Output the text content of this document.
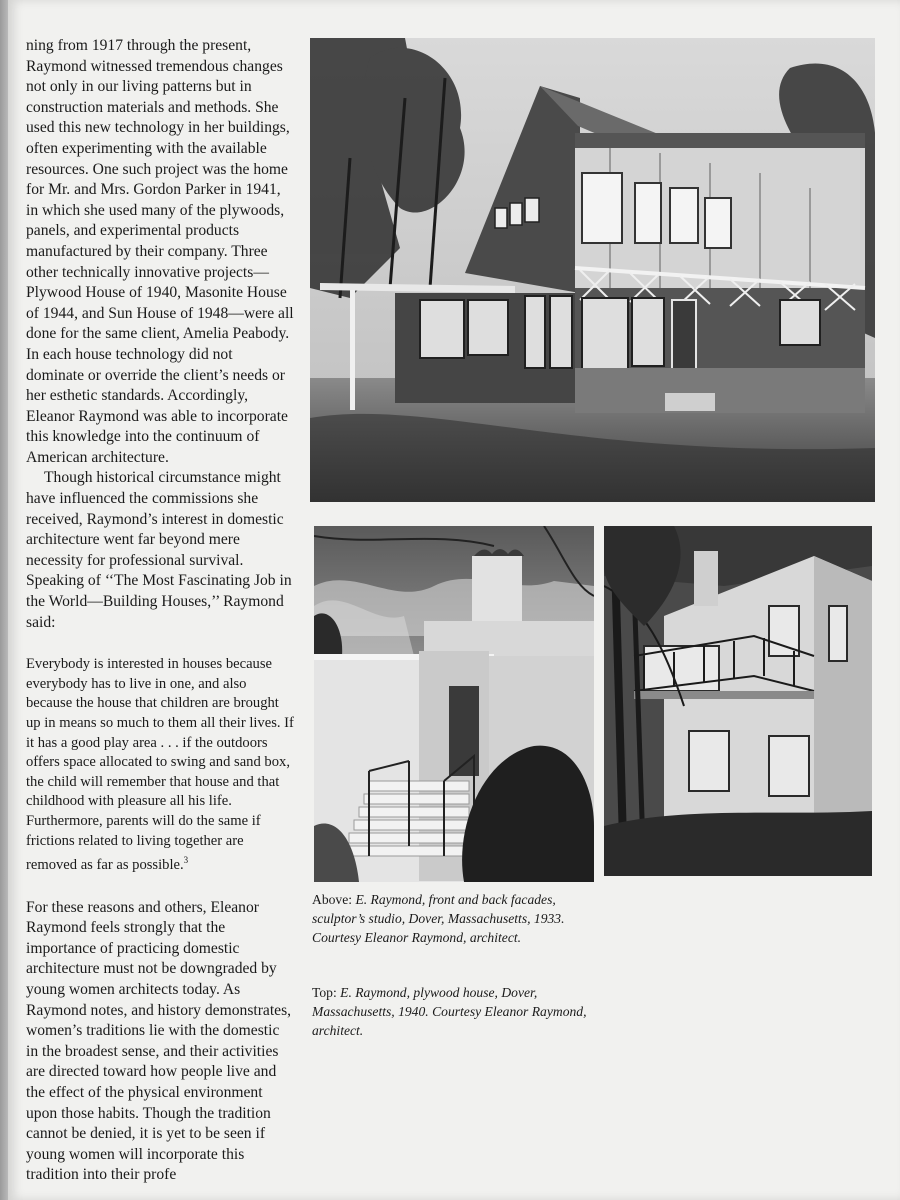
ning from 1917 through the present, Raymond witnessed tremendous changes not only in our living patterns but in construction materials and methods. She used this new technology in her buildings, often experimenting with the available resources. One such project was the home for Mr. and Mrs. Gordon Parker in 1941, in which she used many of the plywoods, panels, and experimental products manufactured by their company. Three other technically innovative projects—Plywood House of 1940, Masonite House of 1944, and Sun House of 1948—were all done for the same client, Amelia Peabody. In each house technology did not dominate or override the client’s needs or her esthetic standards. Accordingly, Eleanor Raymond was able to incorporate this knowledge into the continuum of American architecture.

Though historical circumstance might have influenced the commissions she received, Raymond’s interest in domestic architecture went far beyond mere necessity for professional survival. Speaking of ‘‘The Most Fascinating Job in the World—Building Houses,’’ Raymond said:

Everybody is interested in houses because everybody has to live in one, and also because the house that children are brought up in means so much to them all their lives. If it has a good play area . . . if the outdoors offers space allocated to swing and sand box, the child will remember that house and that childhood with pleasure all his life. Furthermore, parents will do the same if frictions related to living together are removed as far as possible.$^3$

For these reasons and others, Eleanor Raymond feels strongly that the importance of practicing domestic architecture must not be downgraded by young women architects today. As Raymond notes, and history demonstrates, women’s traditions lie with the domestic in the broadest sense, and their activities are directed toward how people live and the effect of the physical environment upon those habits. Though the tradition cannot be denied, it is yet to be seen if young women will incorporate this tradition into their profe

Above: E. Raymond, front and back facades, sculptor’s studio, Dover, Massachusetts, 1933. Courtesy Eleanor Raymond, architect.
Top: E. Raymond, plywood house, Dover, Massachusetts, 1940. Courtesy Eleanor Raymond, architect.
